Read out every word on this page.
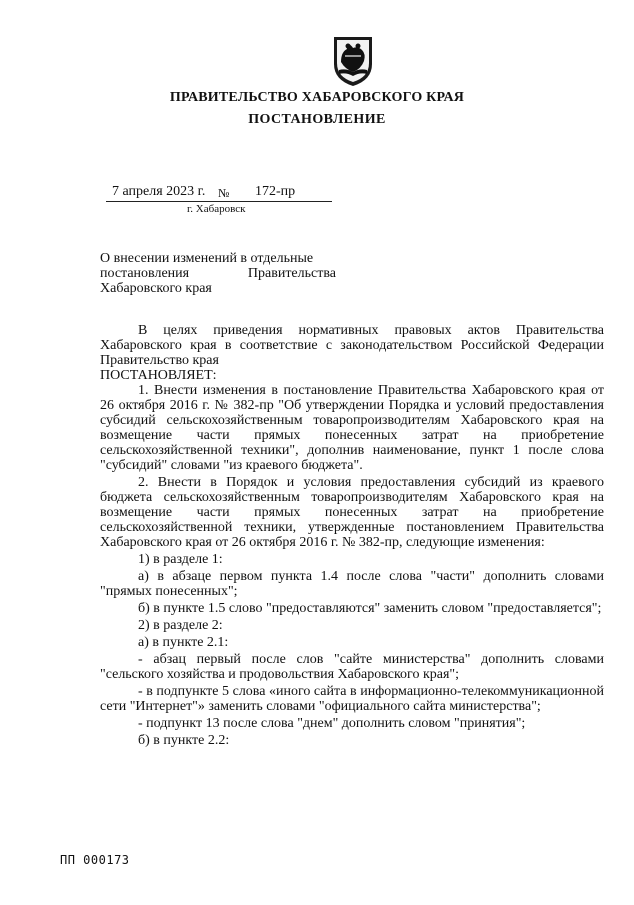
ПРАВИТЕЛЬСТВО ХАБАРОВСКОГО КРАЯ
ПОСТАНОВЛЕНИЕ
7 апреля 2023 г. № 172-пр
г. Хабаровск
О внесении изменений в отдельные
постановления	Правительства
Хабаровского края

В целях приведения нормативных правовых актов Правительства Хабаровского края в соответствие с законодательством Российской Федерации Правительство края

ПОСТАНОВЛЯЕТ:

1. Внести изменения в постановление Правительства Хабаровского края от 26 октября 2016 г. № 382-пр "Об утверждении Порядка и условий предоставления субсидий сельскохозяйственным товаропроизводителям Хабаровского края на возмещение части прямых понесенных затрат на приобретение сельскохозяйственной техники", дополнив наименование, пункт 1 после слова "субсидий" словами "из краевого бюджета".

2. Внести в Порядок и условия предоставления субсидий из краевого бюджета сельскохозяйственным товаропроизводителям Хабаровского края на возмещение части прямых понесенных затрат на приобретение сельскохозяйственной техники, утвержденные постановлением Правительства Хабаровского края от 26 октября 2016 г. № 382-пр, следующие изменения:

1) в разделе 1:

а) в абзаце первом пункта 1.4 после слова "части" дополнить словами "прямых понесенных";

б) в пункте 1.5 слово "предоставляются" заменить словом "предоставляется";

2) в разделе 2:

а) в пункте 2.1:

- абзац первый после слов "сайте министерства" дополнить словами "сельского хозяйства и продовольствия Хабаровского края";

- в подпункте 5 слова «иного сайта в информационно-телекоммуникационной сети "Интернет"» заменить словами "официального сайта министерства";

- подпункт 13 после слова "днем" дополнить словом "принятия";

б) в пункте 2.2:

ПП 000173
